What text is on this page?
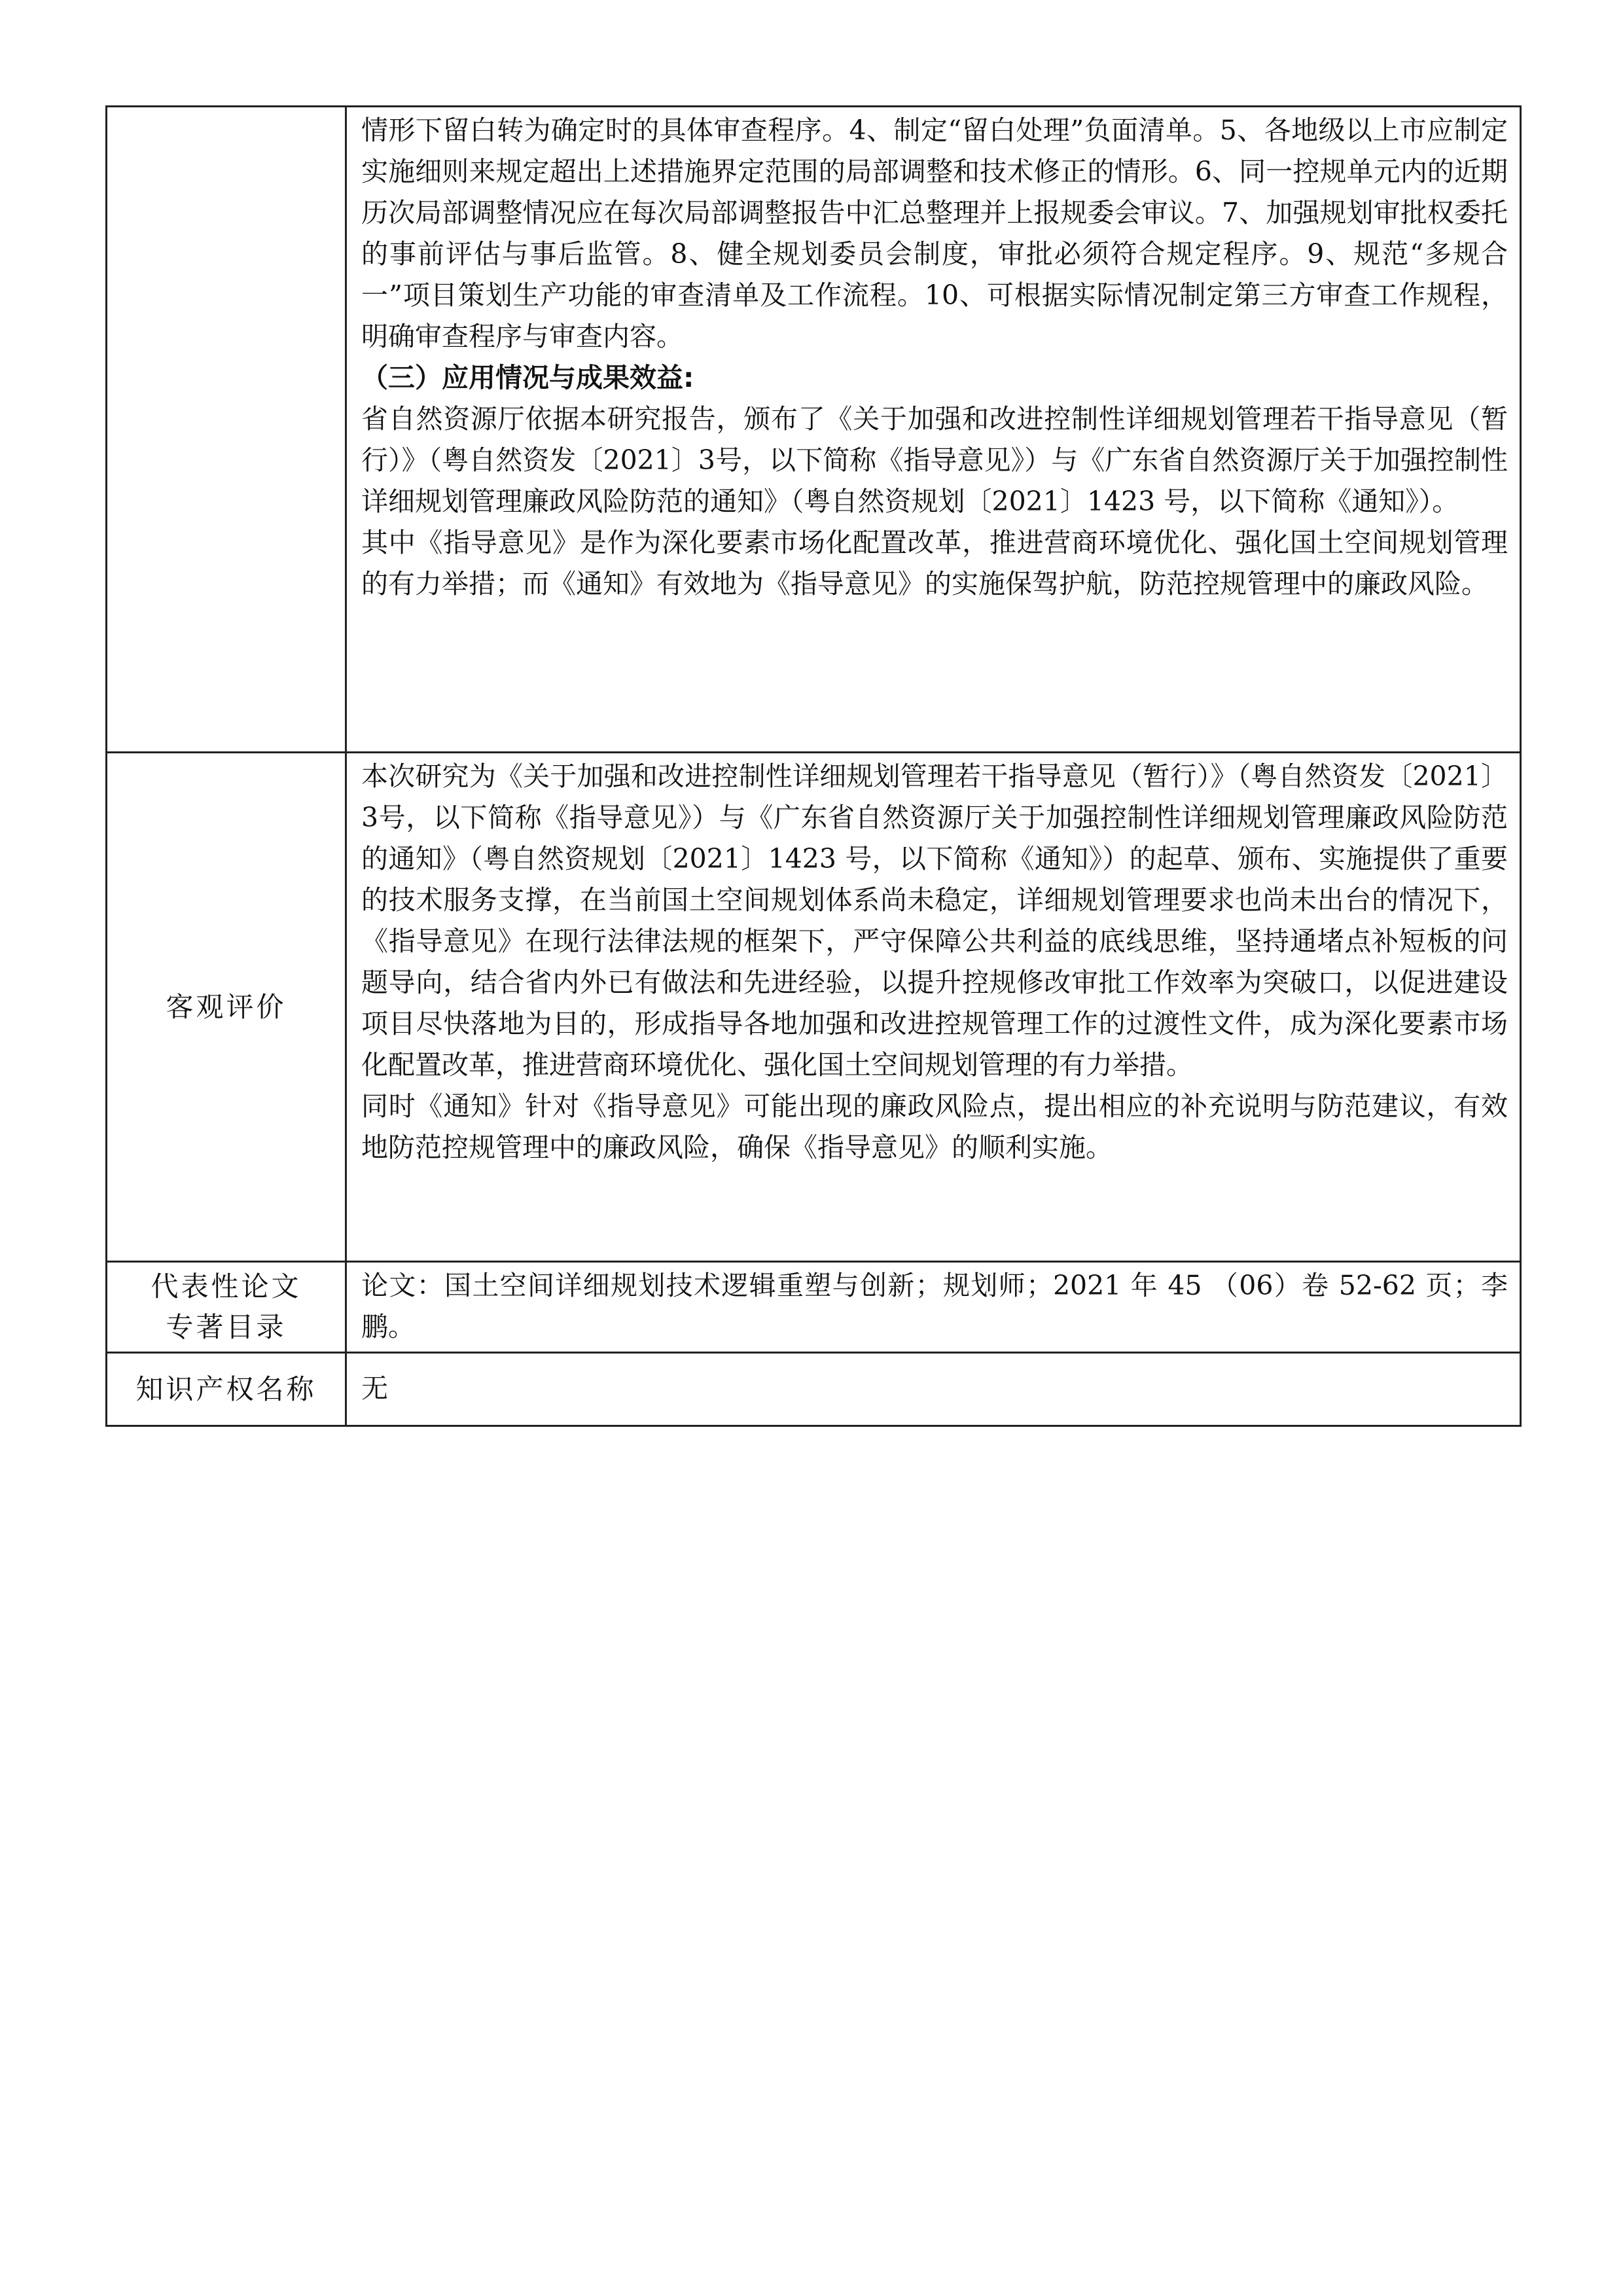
	情形下留白转为确定时的具体审查程序。4、制定“留白处理”负面清单。5、各地级以上市应制定实施细则来规定超出上述措施界定范围的局部调整和技术修正的情形。6、同一控规单元内的近期历次局部调整情况应在每次局部调整报告中汇总整理并上报规委会审议。7、加强规划审批权委托的事前评估与事后监管。8、健全规划委员会制度，审批必须符合规定程序。9、规范“多规合一”项目策划生产功能的审查清单及工作流程。10、可根据实际情况制定第三方审查工作规程，明确审查程序与审查内容。

（三）应用情况与成果效益:

省自然资源厅依据本研究报告，颁布了《关于加强和改进控制性详细规划管理若干指导意见（暂行）》（粤自然资发〔2021〕3号，以下简称《指导意见》）与《广东省自然资源厅关于加强控制性详细规划管理廉政风险防范的通知》（粤自然资规划〔2021〕1423 号，以下简称《通知》）。

其中《指导意见》是作为深化要素市场化配置改革，推进营商环境优化、强化国土空间规划管理的有力举措；而《通知》有效地为《指导意见》的实施保驾护航，防范控规管理中的廉政风险。

客观评价	本次研究为《关于加强和改进控制性详细规划管理若干指导意见（暂行）》（粤自然资发〔2021〕3号，以下简称《指导意见》）与《广东省自然资源厅关于加强控制性详细规划管理廉政风险防范的通知》（粤自然资规划〔2021〕1423 号，以下简称《通知》）的起草、颁布、实施提供了重要的技术服务支撑，在当前国土空间规划体系尚未稳定，详细规划管理要求也尚未出台的情况下，《指导意见》在现行法律法规的框架下，严守保障公共利益的底线思维，坚持通堵点补短板的问题导向，结合省内外已有做法和先进经验，以提升控规修改审批工作效率为突破口，以促进建设项目尽快落地为目的，形成指导各地加强和改进控规管理工作的过渡性文件，成为深化要素市场化配置改革，推进营商环境优化、强化国土空间规划管理的有力举措。

同时《通知》针对《指导意见》可能出现的廉政风险点，提出相应的补充说明与防范建议，有效地防范控规管理中的廉政风险，确保《指导意见》的顺利实施。

代表性论文
专著目录	论文：国土空间详细规划技术逻辑重塑与创新；规划师；2021 年 45 （06）卷 52-62 页；李鹏。

知识产权名称	无
